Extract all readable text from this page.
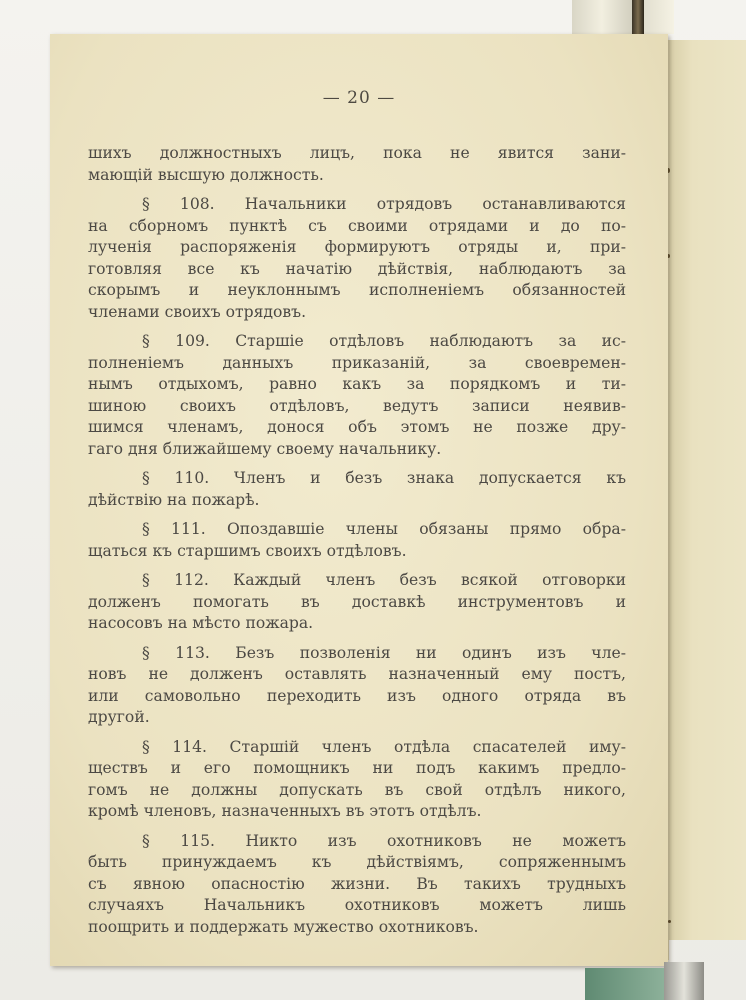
— 20 —
шихъ должностныхъ лицъ, пока не явится зани-
мающій высшую должность.
§ 108. Начальники отрядовъ останавливаются
на сборномъ пунктѣ съ своими отрядами и до по-
лученія распоряженія формируютъ отряды и, при-
готовляя все къ начатію дѣйствія, наблюдаютъ за
скорымъ и неуклоннымъ исполненіемъ обязанностей
членами своихъ отрядовъ.
§ 109. Старшіе отдѣловъ наблюдаютъ за ис-
полненіемъ данныхъ приказаній, за своевремен-
нымъ отдыхомъ, равно какъ за порядкомъ и ти-
шиною своихъ отдѣловъ, ведутъ записи неявив-
шимся членамъ, донося объ этомъ не позже дру-
гаго дня ближайшему своему начальнику.
§ 110. Членъ и безъ знака допускается къ
дѣйствію на пожарѣ.
§ 111. Опоздавшіе члены обязаны прямо обра-
щаться къ старшимъ своихъ отдѣловъ.
§ 112. Каждый членъ безъ всякой отговорки
долженъ помогать въ доставкѣ инструментовъ и
насосовъ на мѣсто пожара.
§ 113. Безъ позволенія ни одинъ изъ чле-
новъ не долженъ оставлять назначенный ему постъ,
или самовольно переходить изъ одного отряда въ
другой.
§ 114. Старшій членъ отдѣла спасателей иму-
ществъ и его помощникъ ни подъ какимъ предло-
гомъ не должны допускать въ свой отдѣлъ никого,
кромѣ членовъ, назначенныхъ въ этотъ отдѣлъ.
§ 115. Никто изъ охотниковъ не можетъ
быть принуждаемъ къ дѣйствіямъ, сопряженнымъ
съ явною опасностію жизни. Въ такихъ трудныхъ
случаяхъ Начальникъ охотниковъ можетъ лишь
поощрить и поддержать мужество охотниковъ.
